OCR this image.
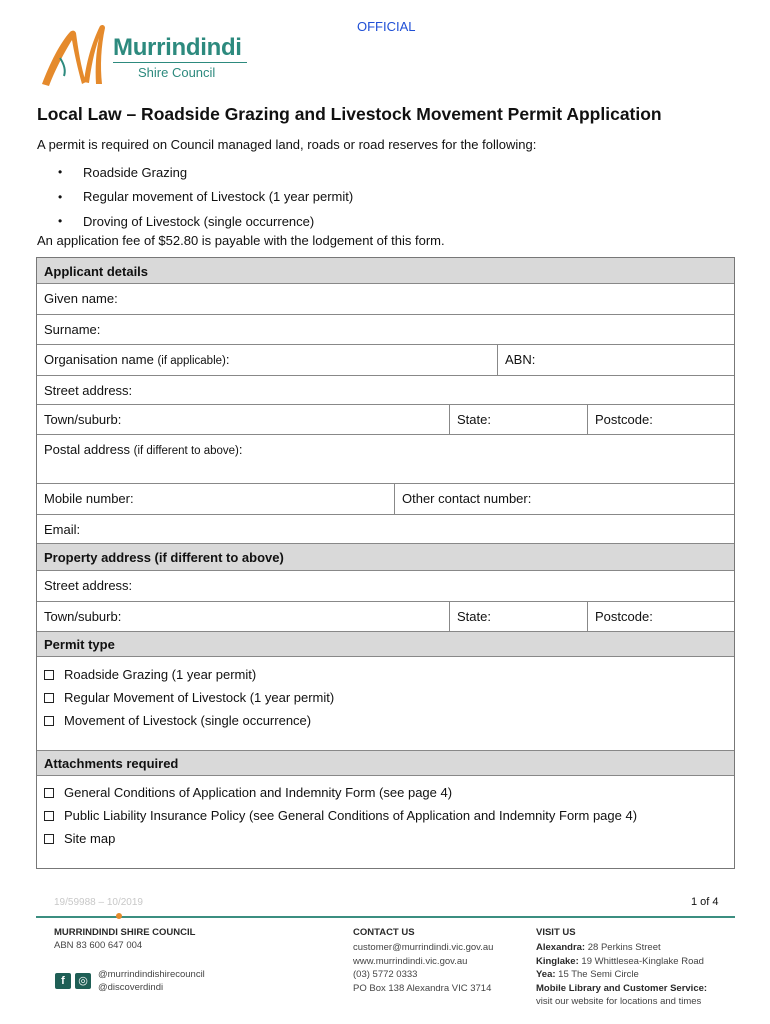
OFFICIAL
Murrindindi
Shire Council
Local Law – Roadside Grazing and Livestock Movement Permit Application
A permit is required on Council managed land, roads or road reserves for the following:
•	Roadside Grazing
•	Regular movement of Livestock (1 year permit)
•	Droving of Livestock (single occurrence)
An application fee of $52.80 is payable with the lodgement of this form.
Applicant details
Given name:
Surname:
Organisation name (if applicable):	ABN:
Street address:
Town/suburb:	State:	Postcode:
Postal address (if different to above):
Mobile number:	Other contact number:
Email:
Property address (if different to above)
Street address:
Town/suburb:	State:	Postcode:
Permit type
Roadside Grazing (1 year permit)
Regular Movement of Livestock (1 year permit)
Movement of Livestock (single occurrence)
Attachments required
General Conditions of Application and Indemnity Form (see page 4)
Public Liability Insurance Policy (see General Conditions of Application and Indemnity Form page 4)
Site map
19/59988 – 10/2019	1 of 4
MURRINDINDI SHIRE COUNCIL
ABN 83 600 647 004
f	◎
@murrindindishirecouncil
@discoverdindi
CONTACT US
customer@murrindindi.vic.gov.au
www.murrindindi.vic.gov.au
(03) 5772 0333
PO Box 138 Alexandra VIC 3714
VISIT US
Alexandra: 28 Perkins Street
Kinglake: 19 Whittlesea-Kinglake Road
Yea: 15 The Semi Circle
Mobile Library and Customer Service:
visit our website for locations and times
